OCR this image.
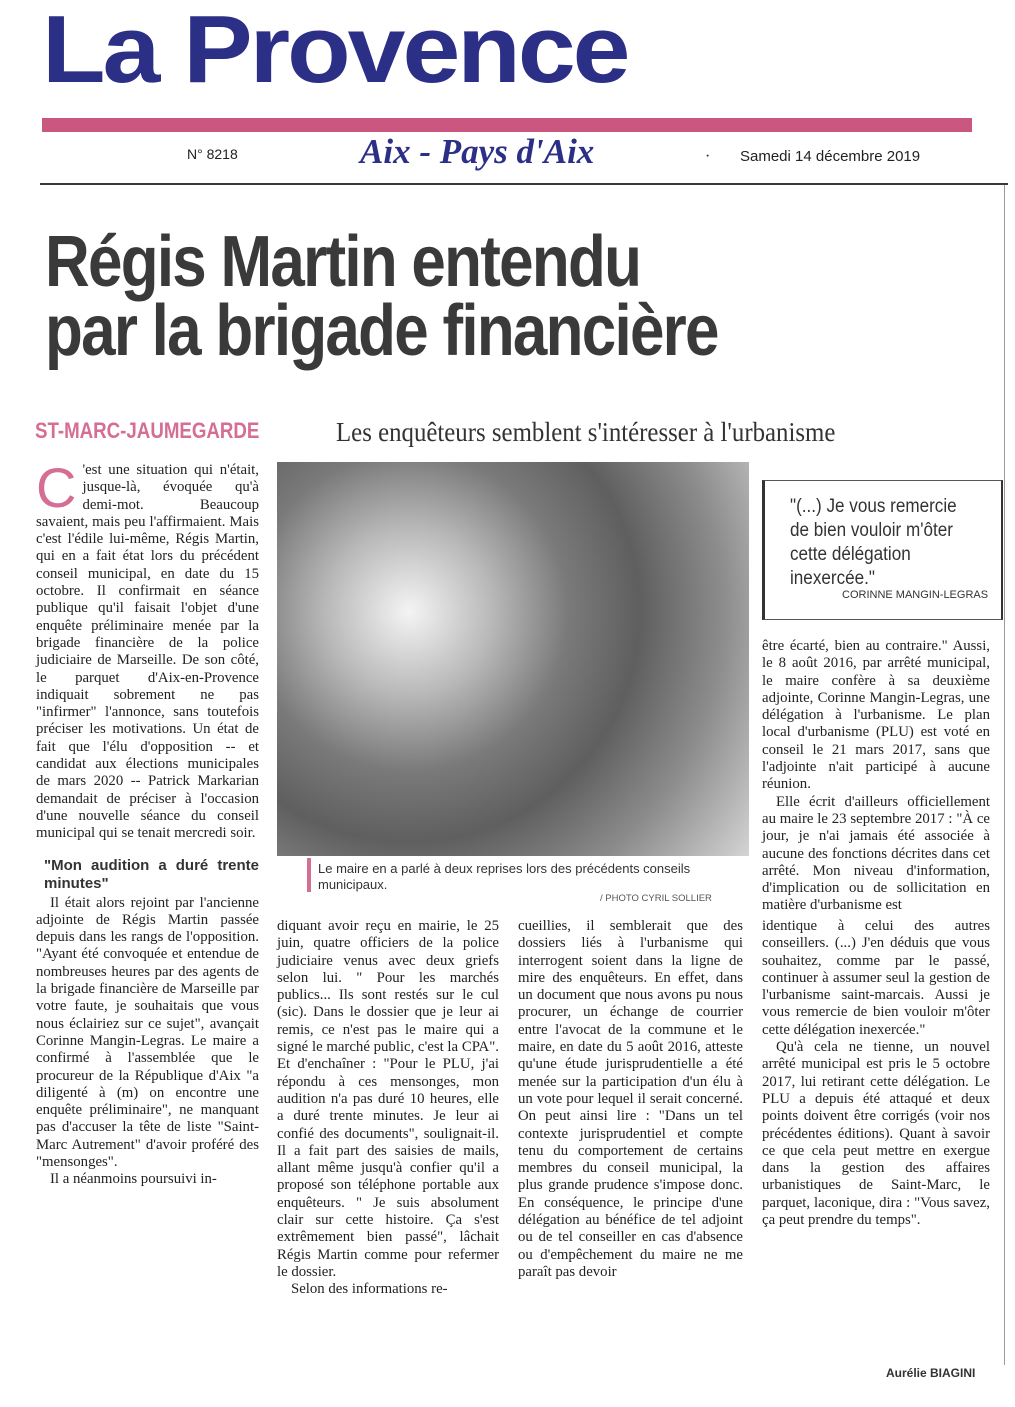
La Provence
N° 8218	Aix - Pays d'Aix	· Samedi 14 décembre 2019
Régis Martin entendu
par la brigade financière
ST-MARC-JAUMEGARDE	Les enquêteurs semblent s'intéresser à l'urbanisme

C 'est une situation qui n'était, jusque-là, évoquée qu'à demi-mot. Beaucoup savaient, mais peu l'affirmaient. Mais c'est l'édile lui-même, Régis Martin, qui en a fait état lors du précédent conseil municipal, en date du 15 octobre. Il confirmait en séance publique qu'il faisait l'objet d'une enquête préliminaire menée par la brigade financière de la police judiciaire de Marseille. De son côté, le parquet d'Aix-en-Provence indiquait sobrement ne pas "infirmer" l'annonce, sans toutefois préciser les motivations. Un état de fait que l'élu d'opposition -- et candidat aux élections municipales de mars 2020 -- Patrick Markarian demandait de préciser à l'occasion d'une nouvelle séance du conseil municipal qui se tenait mercredi soir.

"Mon audition a duré trente minutes"

Il était alors rejoint par l'ancienne adjointe de Régis Martin passée depuis dans les rangs de l'opposition. "Ayant été convoquée et entendue de nombreuses heures par des agents de la brigade financière de Marseille par votre faute, je souhaitais que vous nous éclairiez sur ce sujet", avançait Corinne Mangin-Legras. Le maire a confirmé à l'assemblée que le procureur de la République d'Aix "a diligenté à (m) on encontre une enquête préliminaire", ne manquant pas d'accuser la tête de liste "Saint-Marc Autrement" d'avoir proféré des "mensonges".

Il a néanmoins poursuivi in-

Le maire en a parlé à deux reprises lors des précédents conseils municipaux.
/ PHOTO CYRIL SOLLIER
"(...) Je vous remercie de bien vouloir m'ôter cette délégation inexercée."
CORINNE MANGIN-LEGRAS

être écarté, bien au contraire." Aussi, le 8 août 2016, par arrêté municipal, le maire confère à sa deuxième adjointe, Corinne Mangin-Legras, une délégation à l'urbanisme. Le plan local d'urbanisme (PLU) est voté en conseil le 21 mars 2017, sans que l'adjointe n'ait participé à aucune réunion.

Elle écrit d'ailleurs officiellement au maire le 23 septembre 2017 : "À ce jour, je n'ai jamais été associée à aucune des fonctions décrites dans cet arrêté. Mon niveau d'information, d'implication ou de sollicitation en matière d'urbanisme est

diquant avoir reçu en mairie, le 25 juin, quatre officiers de la police judiciaire venus avec deux griefs selon lui. " Pour les marchés publics... Ils sont restés sur le cul (sic). Dans le dossier que je leur ai remis, ce n'est pas le maire qui a signé le marché public, c'est la CPA". Et d'enchaîner : "Pour le PLU, j'ai répondu à ces mensonges, mon audition n'a pas duré 10 heures, elle a duré trente minutes. Je leur ai confié des documents", soulignait-il. Il a fait part des saisies de mails, allant même jusqu'à confier qu'il a proposé son téléphone portable aux enquêteurs. " Je suis absolument clair sur cette histoire. Ça s'est extrêmement bien passé", lâchait Régis Martin comme pour refermer le dossier.

Selon des informations re-

cueillies, il semblerait que des dossiers liés à l'urbanisme qui interrogent soient dans la ligne de mire des enquêteurs. En effet, dans un document que nous avons pu nous procurer, un échange de courrier entre l'avocat de la commune et le maire, en date du 5 août 2016, atteste qu'une étude jurisprudentielle a été menée sur la participation d'un élu à un vote pour lequel il serait concerné. On peut ainsi lire : "Dans un tel contexte jurisprudentiel et compte tenu du comportement de certains membres du conseil municipal, la plus grande prudence s'impose donc. En conséquence, le principe d'une délégation au bénéfice de tel adjoint ou de tel conseiller en cas d'absence ou d'empêchement du maire ne me paraît pas devoir

identique à celui des autres conseillers. (...) J'en déduis que vous souhaitez, comme par le passé, continuer à assumer seul la gestion de l'urbanisme saint-marcais. Aussi je vous remercie de bien vouloir m'ôter cette délégation inexercée."

Qu'à cela ne tienne, un nouvel arrêté municipal est pris le 5 octobre 2017, lui retirant cette délégation. Le PLU a depuis été attaqué et deux points doivent être corrigés (voir nos précédentes éditions). Quant à savoir ce que cela peut mettre en exergue dans la gestion des affaires urbanistiques de Saint-Marc, le parquet, laconique, dira : "Vous savez, ça peut prendre du temps".

Aurélie BIAGINI
